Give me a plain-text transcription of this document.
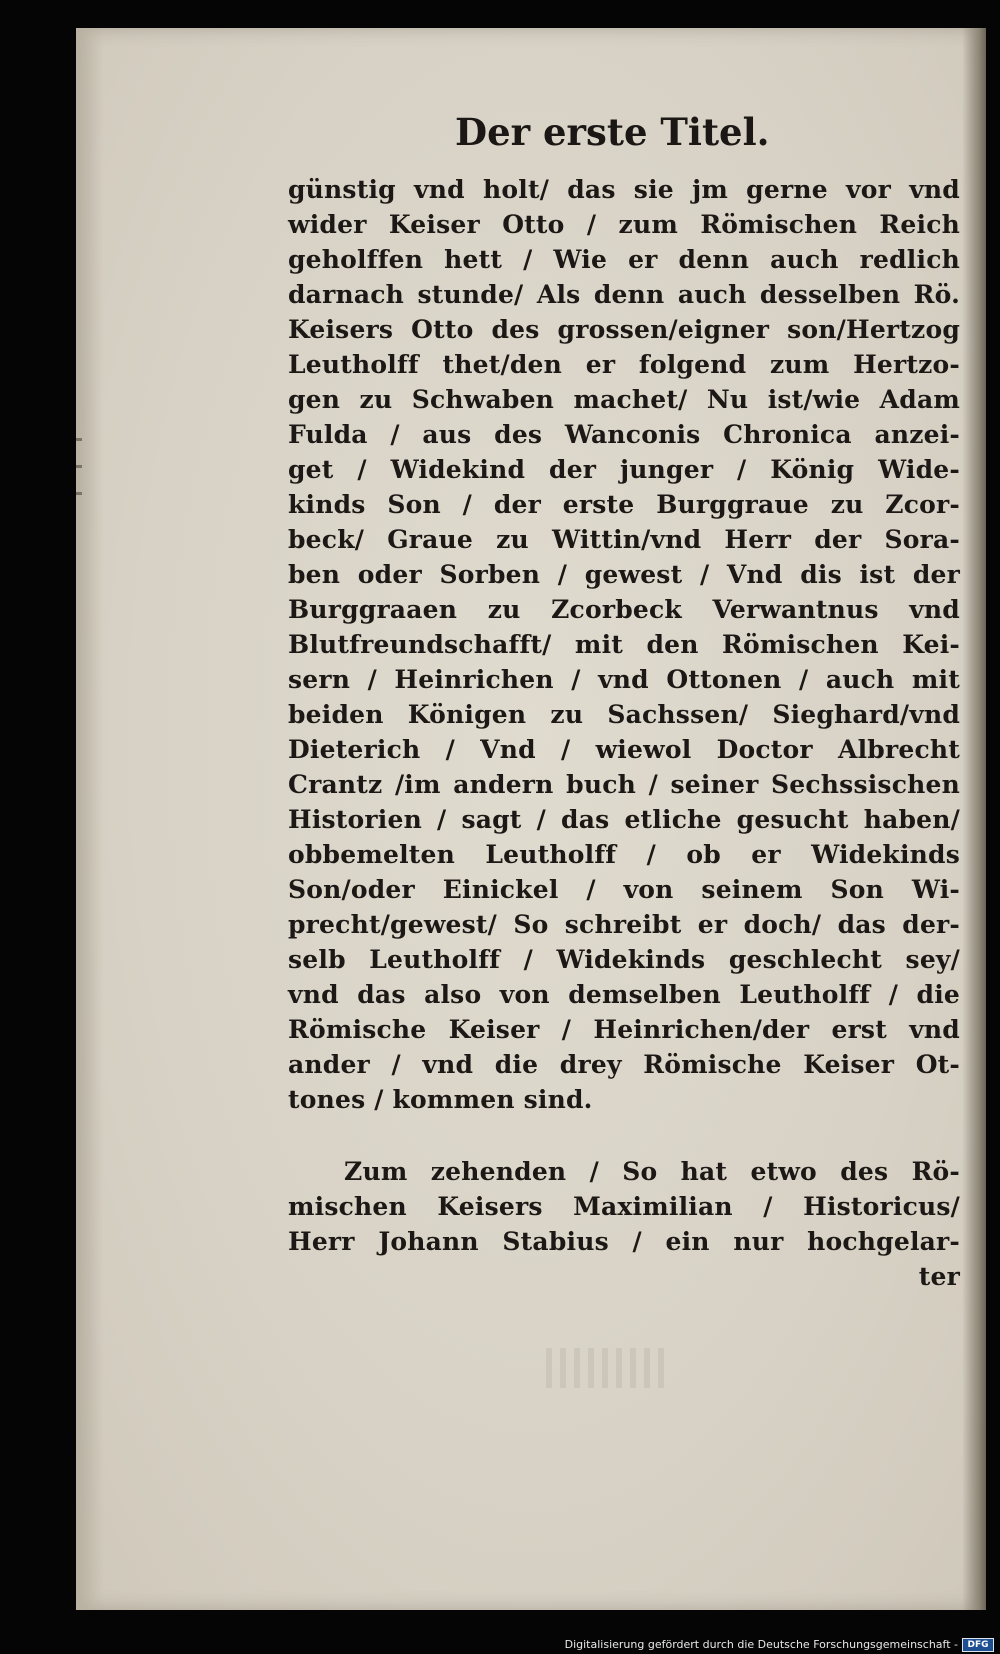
Der erste Titel.
günstig vnd holt/ das sie jm gerne vor vnd
wider Keiser Otto / zum Römischen Reich
geholffen hett / Wie er denn auch redlich
darnach stunde/ Als denn auch desselben Rö.
Keisers Otto des grossen/eigner son/Hertzog
Leutholff thet/den er folgend zum Hertzo-
gen zu Schwaben machet/ Nu ist/wie Adam
Fulda / aus des Wanconis Chronica anzei-
get / Widekind der junger / König Wide-
kinds Son / der erste Burggraue zu Zcor-
beck/ Graue zu Wittin/vnd Herr der Sora-
ben oder Sorben / gewest / Vnd dis ist der
Burggraaen zu Zcorbeck Verwantnus vnd
Blutfreundschafft/ mit den Römischen Kei-
sern / Heinrichen / vnd Ottonen / auch mit
beiden Königen zu Sachssen/ Sieghard/vnd
Dieterich / Vnd / wiewol Doctor Albrecht
Crantz /im andern buch / seiner Sechssischen
Historien / sagt / das etliche gesucht haben/
obbemelten Leutholff / ob er Widekinds
Son/oder Einickel / von seinem Son Wi-
precht/gewest/ So schreibt er doch/ das der-
selb Leutholff / Widekinds geschlecht sey/
vnd das also von demselben Leutholff / die
Römische Keiser / Heinrichen/der erst vnd
ander / vnd die drey Römische Keiser Ot-
tones / kommen sind.
Zum zehenden / So hat etwo des Rö-
mischen Keisers Maximilian / Historicus/
Herr Johann Stabius / ein nur hochgelar-
ter
Digitalisierung gefördert durch die Deutsche Forschungsgemeinschaft -	DFG
